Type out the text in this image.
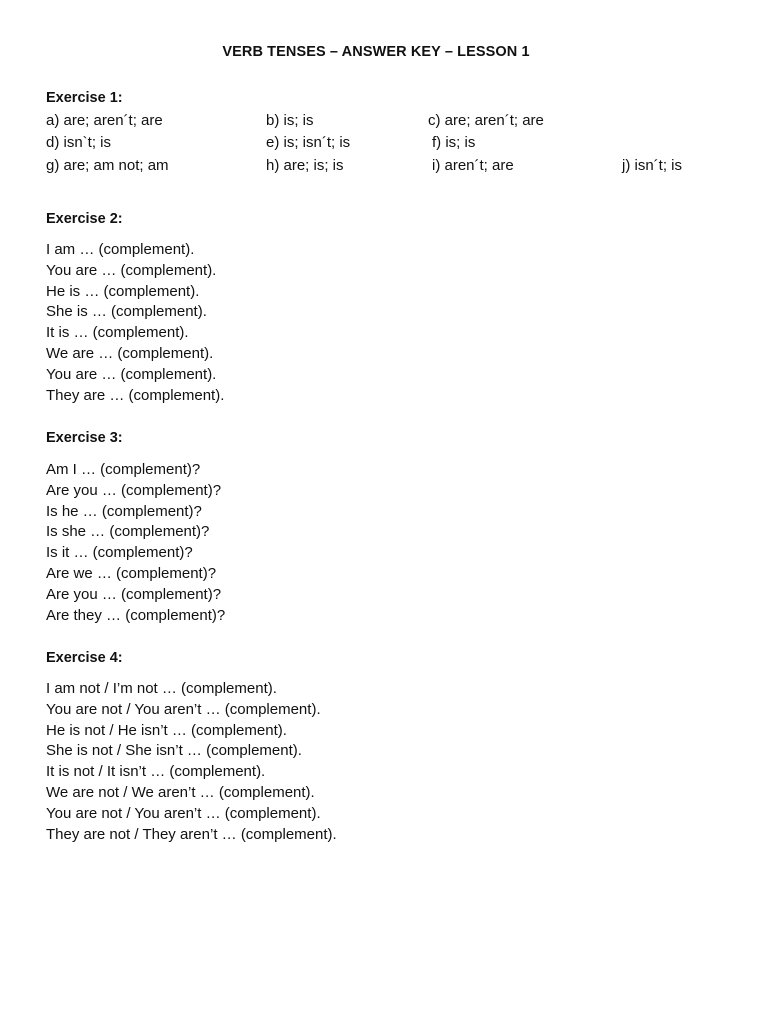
VERB TENSES – ANSWER KEY – LESSON 1
Exercise 1:
a) are; aren´t; are	b) is; is	c) are; aren´t; are
d) isn`t; is	e) is; isn´t; is	f) is; is
g) are; am not; am	h) are; is; is	i) aren´t; are	j) isn´t; is
Exercise 2:
I am … (complement).
You are … (complement).
He is … (complement).
She is … (complement).
It is … (complement).
We are … (complement).
You are … (complement).
They are … (complement).
Exercise 3:
Am I … (complement)?
Are you … (complement)?
Is he … (complement)?
Is she … (complement)?
Is it … (complement)?
Are we … (complement)?
Are you … (complement)?
Are they … (complement)?
Exercise 4:
I am not / I’m not … (complement).
You are not / You aren’t … (complement).
He is not / He isn’t … (complement).
She is not / She isn’t … (complement).
It is not / It isn’t … (complement).
We are not / We aren’t … (complement).
You are not / You aren’t … (complement).
They are not / They aren’t … (complement).
